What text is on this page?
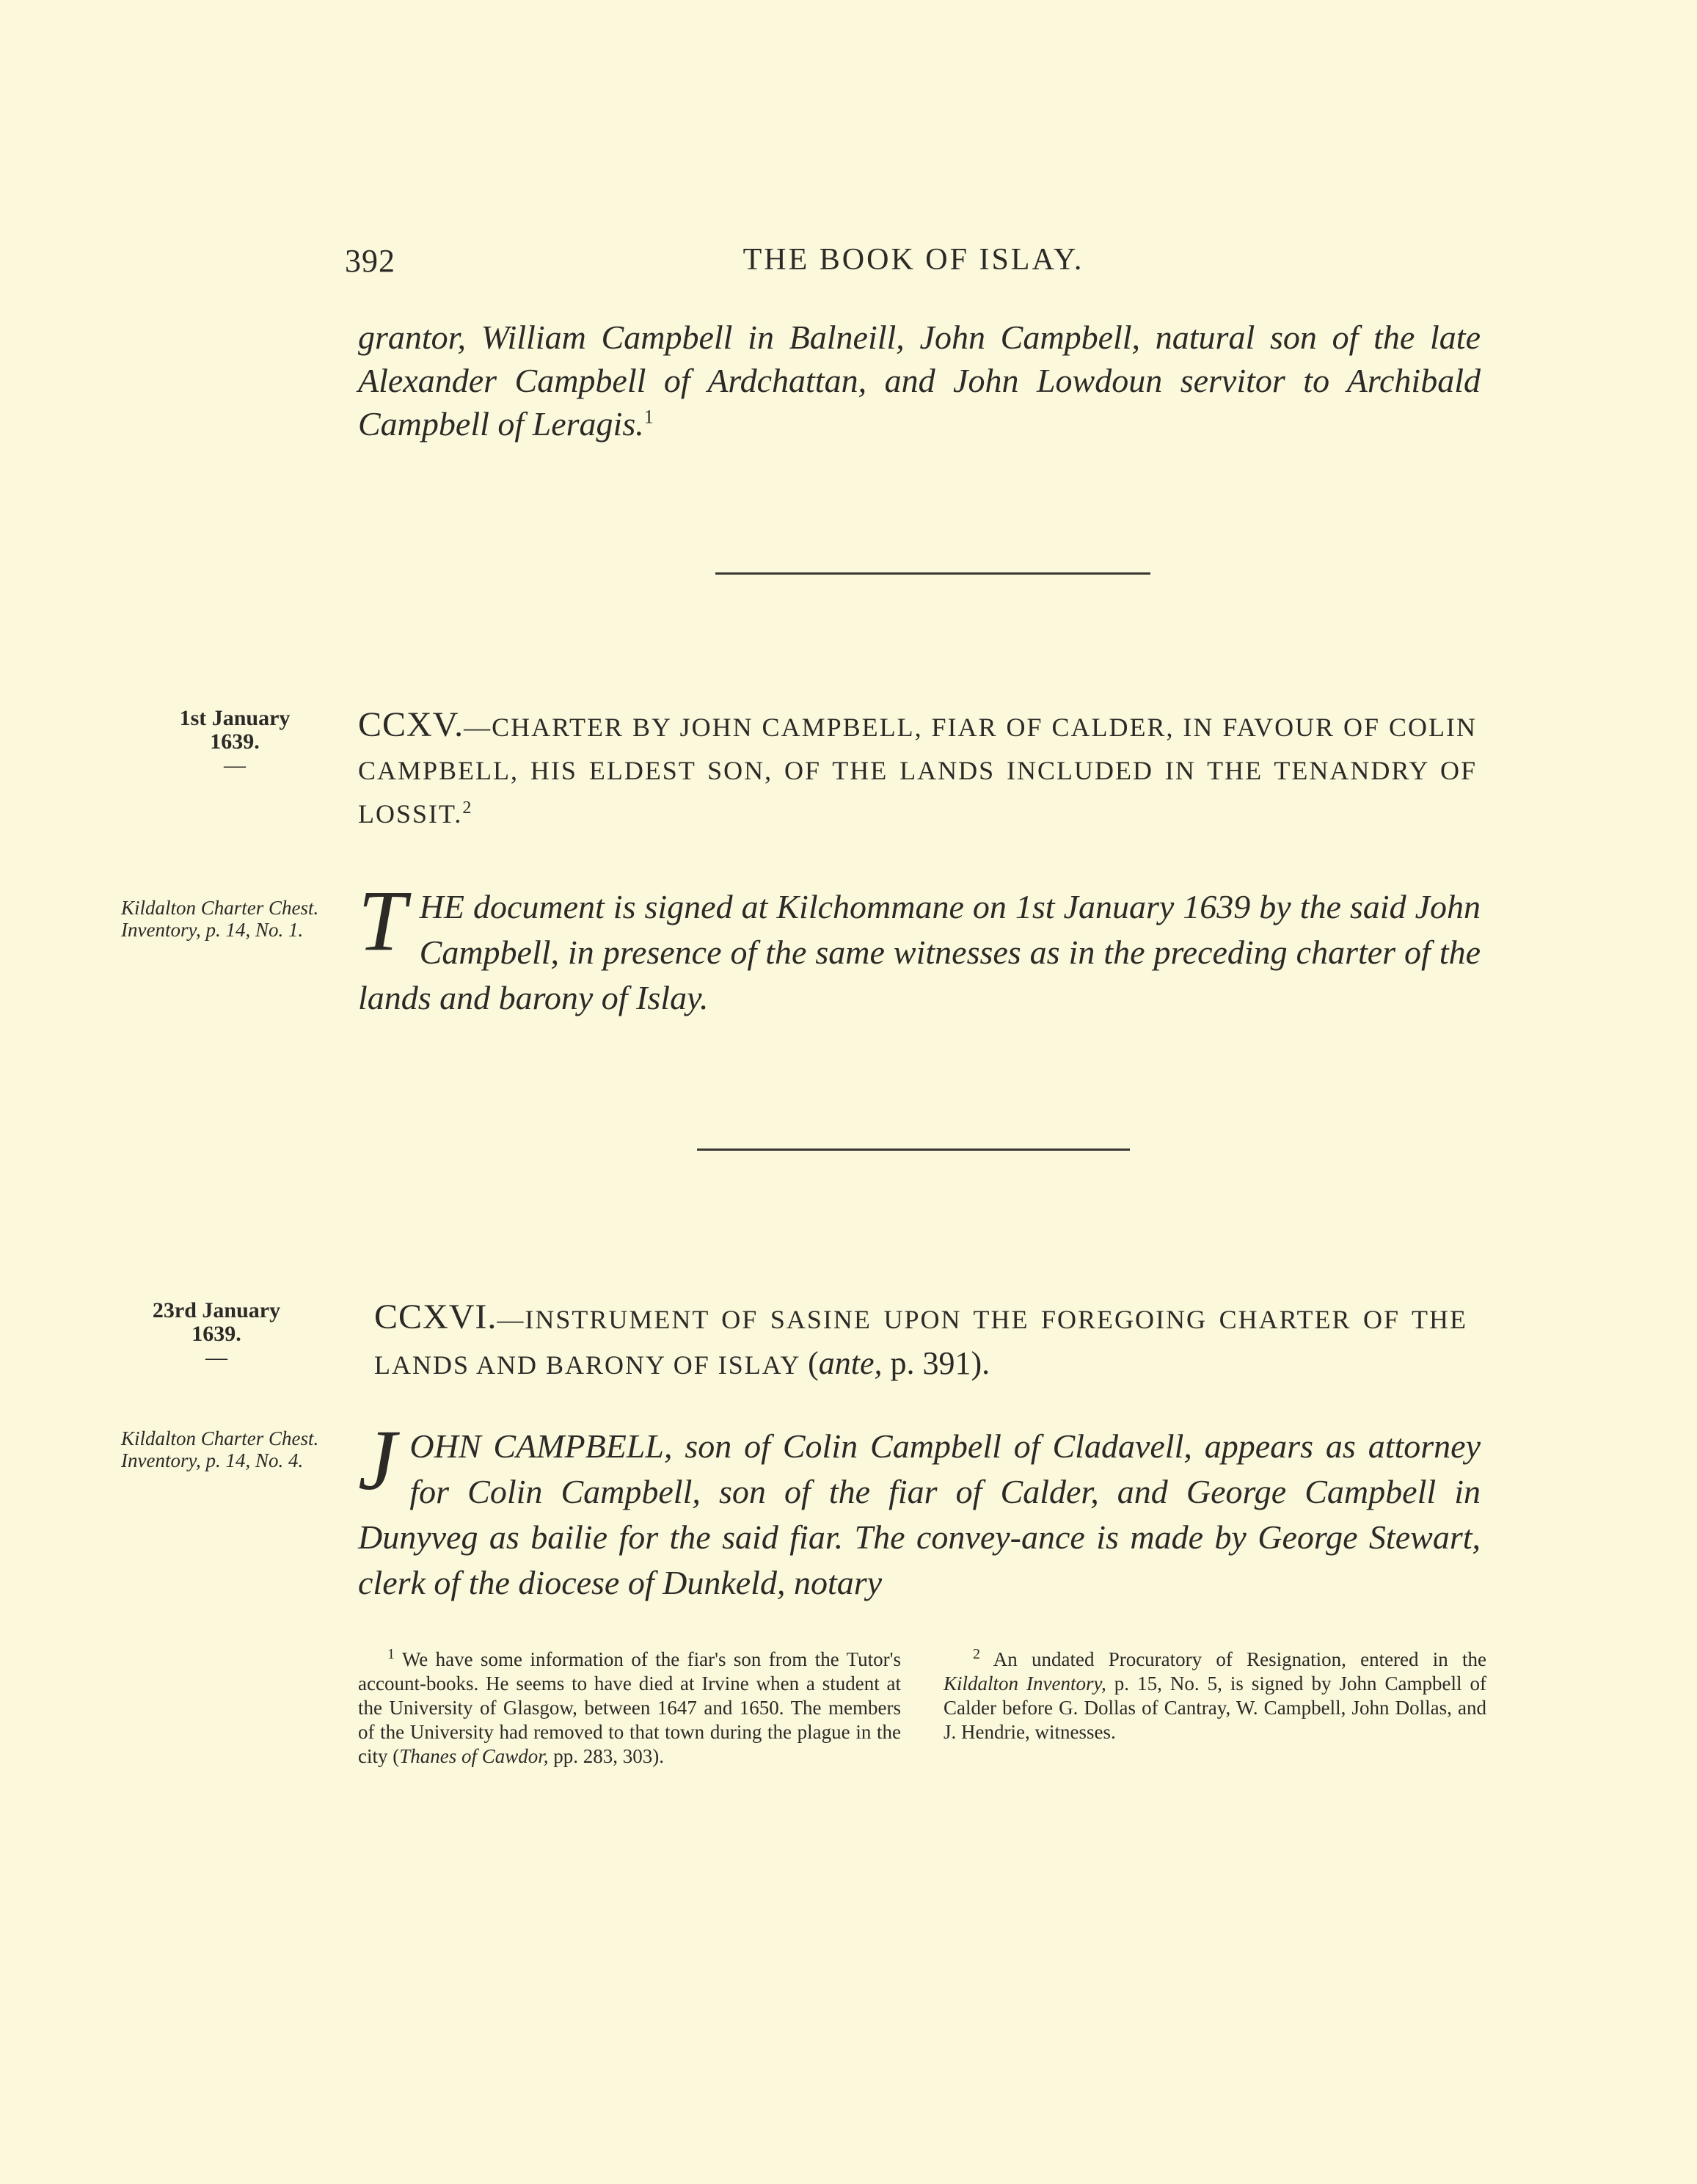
392	THE BOOK OF ISLAY.
grantor, William Campbell in Balneill, John Campbell, natural son of the late Alexander Campbell of Ardchattan, and John Lowdoun servitor to Archibald Campbell of Leragis.$^1$
1st January
1639.
—
CCXV.—CHARTER BY JOHN CAMPBELL, FIAR OF CALDER, IN FAVOUR OF COLIN CAMPBELL, HIS ELDEST SON, OF THE LANDS INCLUDED IN THE TENANDRY OF LOSSIT.$^2$
Kildalton Charter Chest. Inventory, p. 14, No. 1. THE document is signed at Kilchommane on 1st January 1639 by the said John Campbell, in presence of the same witnesses as in the preceding charter of the lands and barony of Islay.
23rd January
1639.
—
CCXVI.—INSTRUMENT OF SASINE UPON THE FOREGOING CHARTER OF THE LANDS AND BARONY OF ISLAY (ante, p. 391).
Kildalton Charter Chest. Inventory, p. 14, No. 4. JOHN CAMPBELL, son of Colin Campbell of Cladavell, appears as attorney for Colin Campbell, son of the fiar of Calder, and George Campbell in Dunyveg as bailie for the said fiar. The convey-ance is made by George Stewart, clerk of the diocese of Dunkeld, notary
$^1$ We have some information of the fiar's son from the Tutor's account-books. He seems to have died at Irvine when a student at the University of Glasgow, between 1647 and 1650. The members of the University had removed to that town during the plague in the city (Thanes of Cawdor, pp. 283, 303).
$^2$ An undated Procuratory of Resignation, entered in the Kildalton Inventory, p. 15, No. 5, is signed by John Campbell of Calder before G. Dollas of Cantray, W. Campbell, John Dollas, and J. Hendrie, witnesses.
